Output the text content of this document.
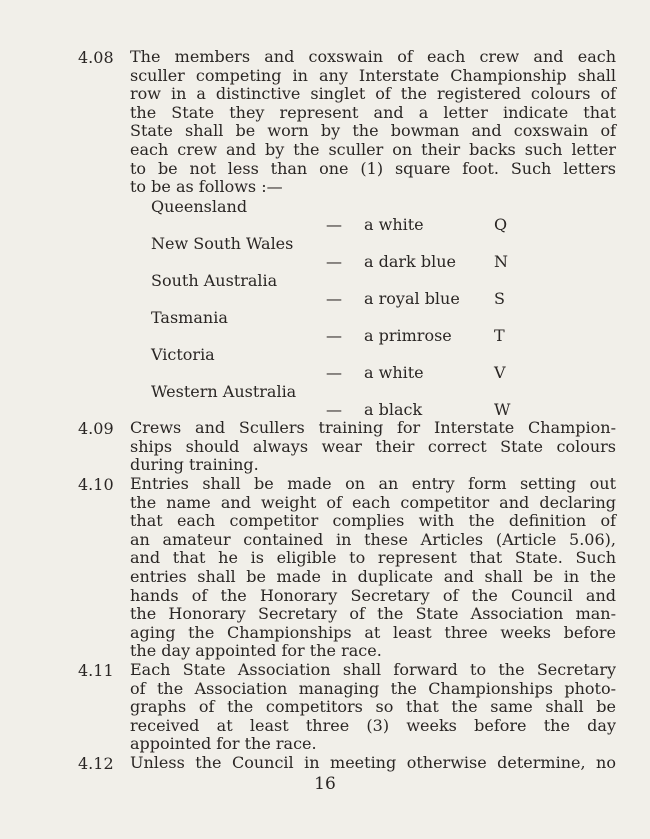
4.08	The members and coxswain of each crew and each
sculler competing in any Interstate Championship shall
row in a distinctive singlet of the registered colours of
the State they represent and a letter indicate that
State shall be worn by the bowman and coxswain of
each crew and by the sculler on their backs such letter
to be not less than one (1) square foot. Such letters
to be as follows :—
Queensland
— a white	Q
New South Wales
— a dark blue N
South Australia
— a royal blue S
Tasmania
— a primrose	T
Victoria
— a white	V
Western Australia
— a black	W
4.09	Crews and Scullers training for Interstate Champion-
ships should always wear their correct State colours
during training.
4.10	Entries shall be made on an entry form setting out
the name and weight of each competitor and declaring
that each competitor complies with the definition of
an amateur contained in these Articles (Article 5.06),
and that he is eligible to represent that State. Such
entries shall be made in duplicate and shall be in the
hands of the Honorary Secretary of the Council and
the Honorary Secretary of the State Association man-
aging the Championships at least three weeks before
the day appointed for the race.
4.11	Each State Association shall forward to the Secretary
of the Association managing the Championships photo-
graphs of the competitors so that the same shall be
received at least three (3) weeks before the day
appointed for the race.
4.12	Unless the Council in meeting otherwise determine, no
16
